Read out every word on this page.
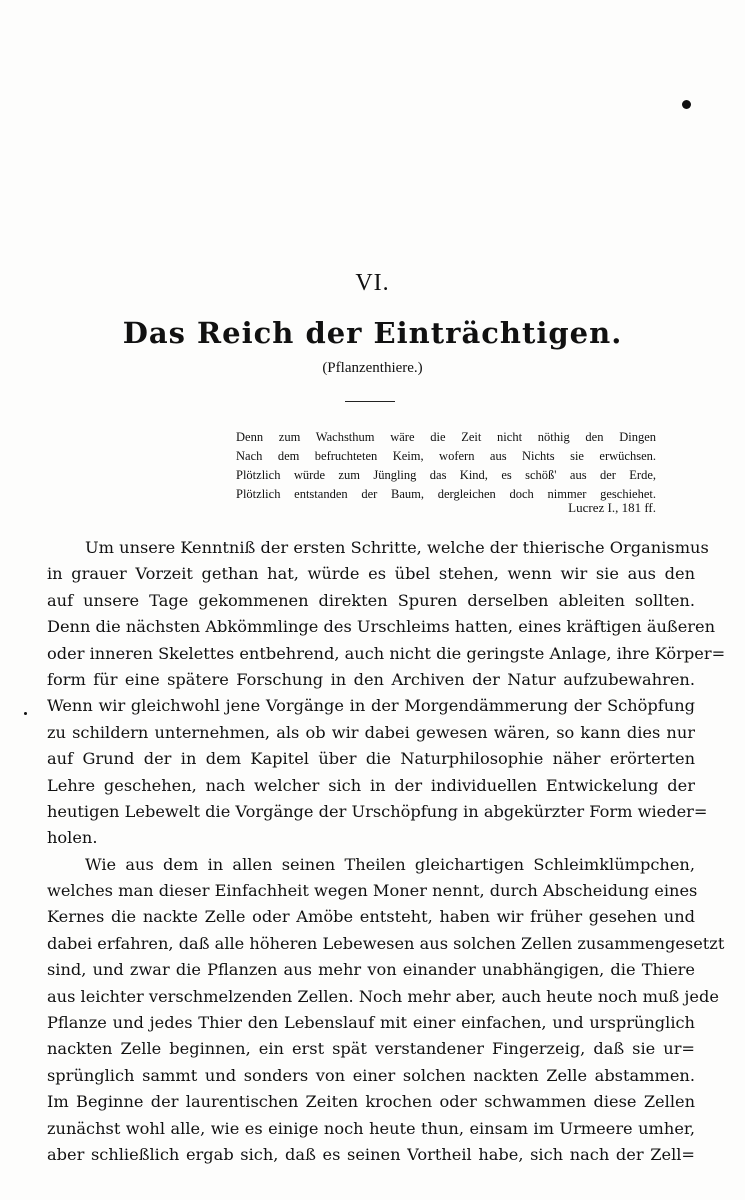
VI.
Das Reich der Einträchtigen.
(Pflanzenthiere.)
Denn zum Wachsthum wäre die Zeit nicht nöthig den Dingen
Nach dem befruchteten Keim, wofern aus Nichts sie erwüchsen.
Plötzlich würde zum Jüngling das Kind, es schöß' aus der Erde,
Plötzlich entstanden der Baum, dergleichen doch nimmer geschiehet.
Lucrez I., 181 ff.
Um unsere Kenntniß der ersten Schritte, welche der thierische Organismus
in grauer Vorzeit gethan hat, würde es übel stehen, wenn wir sie aus den
auf unsere Tage gekommenen direkten Spuren derselben ableiten sollten.
Denn die nächsten Abkömmlinge des Urschleims hatten, eines kräftigen äußeren
oder inneren Skelettes entbehrend, auch nicht die geringste Anlage, ihre Körper=
form für eine spätere Forschung in den Archiven der Natur aufzubewahren.
Wenn wir gleichwohl jene Vorgänge in der Morgendämmerung der Schöpfung
zu schildern unternehmen, als ob wir dabei gewesen wären, so kann dies nur
auf Grund der in dem Kapitel über die Naturphilosophie näher erörterten
Lehre geschehen, nach welcher sich in der individuellen Entwickelung der
heutigen Lebewelt die Vorgänge der Urschöpfung in abgekürzter Form wieder=
holen.
Wie aus dem in allen seinen Theilen gleichartigen Schleimklümpchen,
welches man dieser Einfachheit wegen Moner nennt, durch Abscheidung eines
Kernes die nackte Zelle oder Amöbe entsteht, haben wir früher gesehen und
dabei erfahren, daß alle höheren Lebewesen aus solchen Zellen zusammengesetzt
sind, und zwar die Pflanzen aus mehr von einander unabhängigen, die Thiere
aus leichter verschmelzenden Zellen. Noch mehr aber, auch heute noch muß jede
Pflanze und jedes Thier den Lebenslauf mit einer einfachen, und ursprünglich
nackten Zelle beginnen, ein erst spät verstandener Fingerzeig, daß sie ur=
sprünglich sammt und sonders von einer solchen nackten Zelle abstammen.
Im Beginne der laurentischen Zeiten krochen oder schwammen diese Zellen
zunächst wohl alle, wie es einige noch heute thun, einsam im Urmeere umher,
aber schließlich ergab sich, daß es seinen Vortheil habe, sich nach der Zell=
